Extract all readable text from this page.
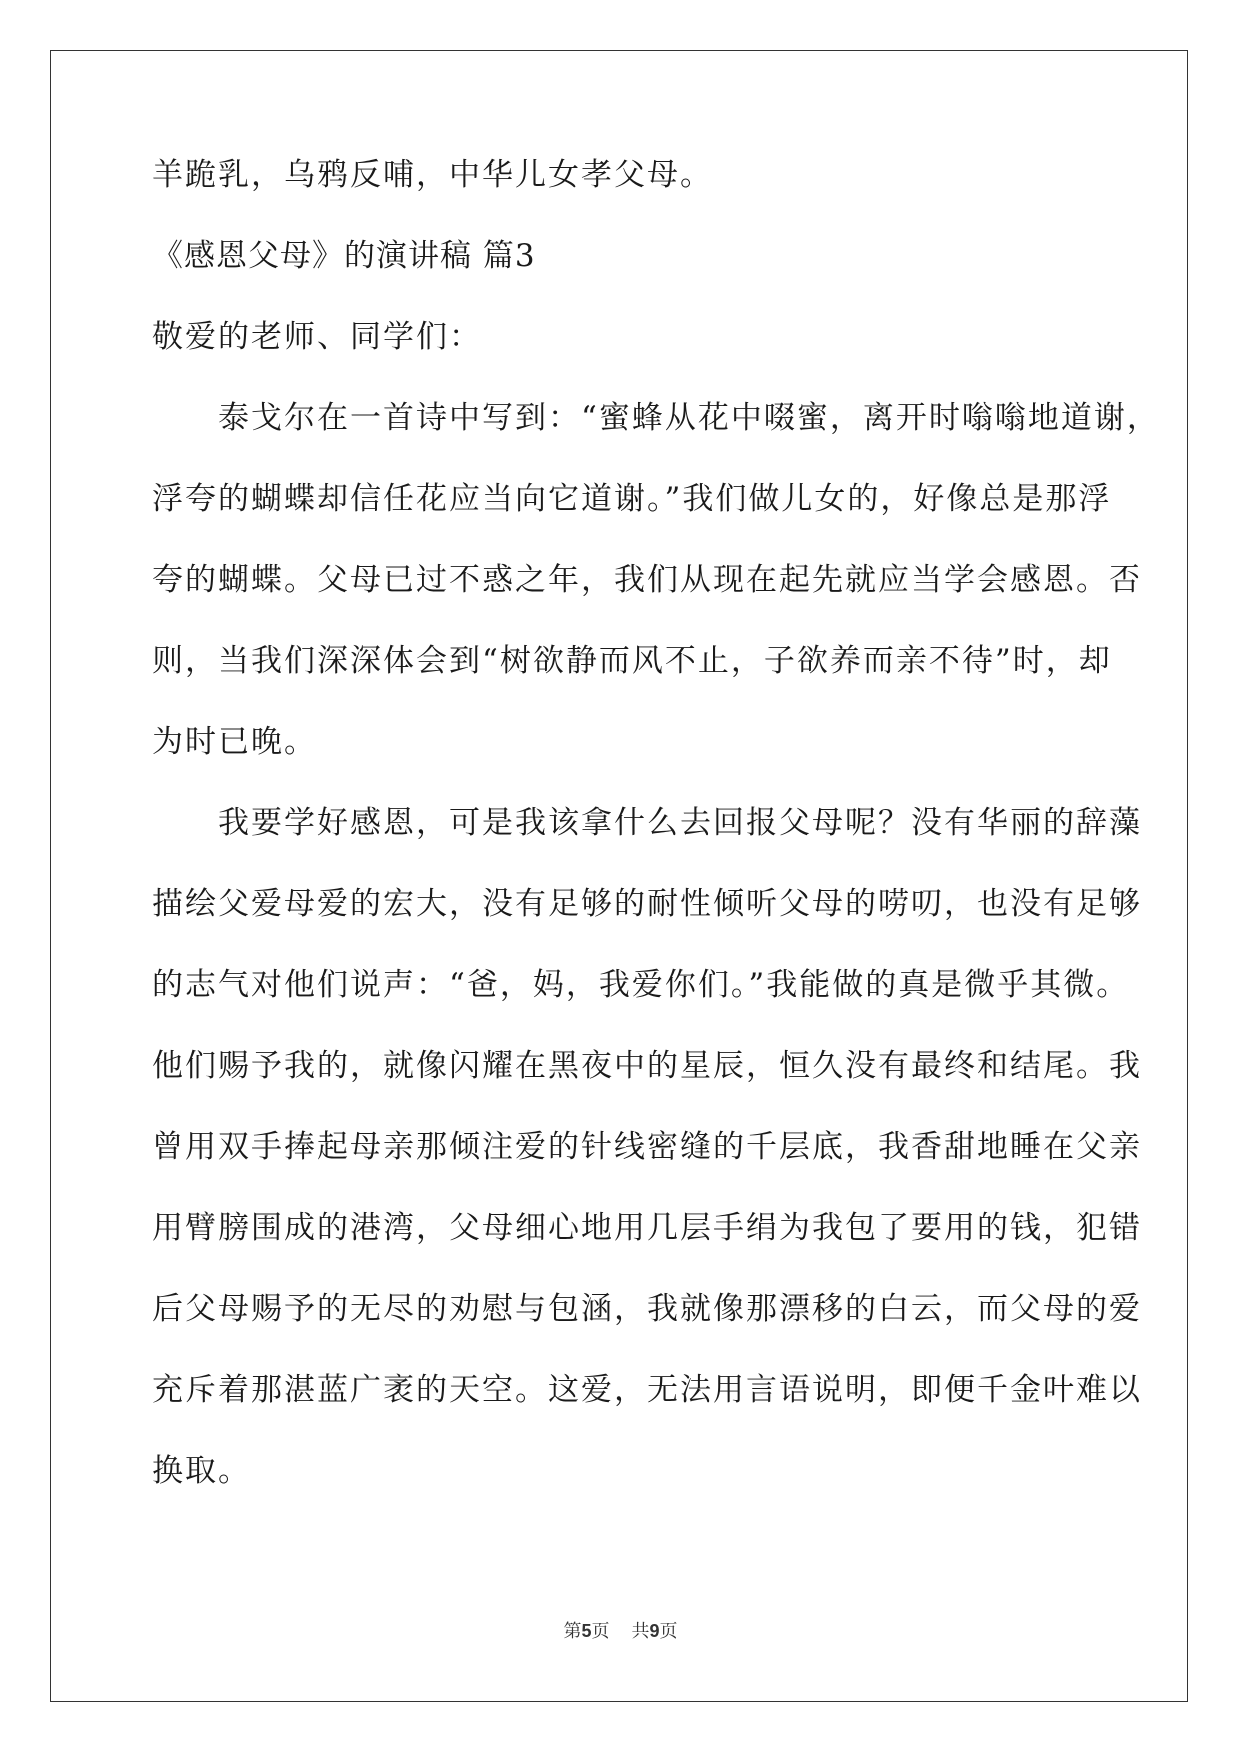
羊跪乳，乌鸦反哺，中华儿女孝父母。
《感恩父母》的演讲稿 篇3
敬爱的老师、同学们：
　　泰戈尔在一首诗中写到：“蜜蜂从花中啜蜜，离开时嗡嗡地道谢，
浮夸的蝴蝶却信任花应当向它道谢。”我们做儿女的，好像总是那浮
夸的蝴蝶。父母已过不惑之年，我们从现在起先就应当学会感恩。否
则，当我们深深体会到“树欲静而风不止，子欲养而亲不待”时，却
为时已晚。
　　我要学好感恩，可是我该拿什么去回报父母呢？没有华丽的辞藻
描绘父爱母爱的宏大，没有足够的耐性倾听父母的唠叨，也没有足够
的志气对他们说声：“爸，妈，我爱你们。”我能做的真是微乎其微。
他们赐予我的，就像闪耀在黑夜中的星辰，恒久没有最终和结尾。我
曾用双手捧起母亲那倾注爱的针线密缝的千层底，我香甜地睡在父亲
用臂膀围成的港湾，父母细心地用几层手绢为我包了要用的钱，犯错
后父母赐予的无尽的劝慰与包涵，我就像那漂移的白云，而父母的爱
充斥着那湛蓝广袤的天空。这爱，无法用言语说明，即便千金叶难以
换取。
第5页 共9页
